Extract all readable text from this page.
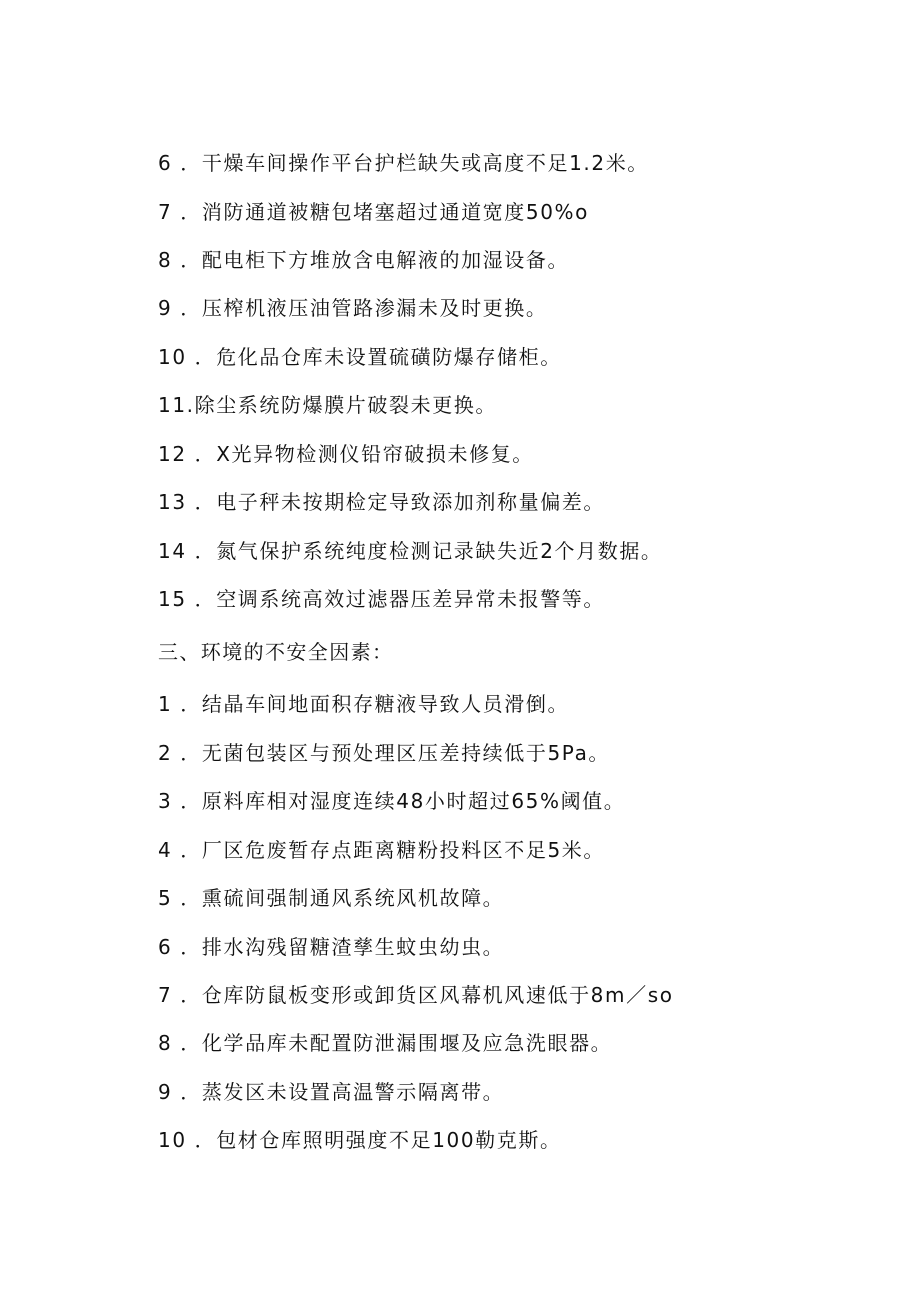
6 ．干燥车间操作平台护栏缺失或高度不足1.2米。
7 ．消防通道被糖包堵塞超过通道宽度50%o
8 ．配电柜下方堆放含电解液的加湿设备。
9 ．压榨机液压油管路渗漏未及时更换。
10 ．危化品仓库未设置硫磺防爆存储柜。
11.除尘系统防爆膜片破裂未更换。
12 ．X光异物检测仪铅帘破损未修复。
13 ．电子秤未按期检定导致添加剂称量偏差。
14 ．氮气保护系统纯度检测记录缺失近2个月数据。
15 ．空调系统高效过滤器压差异常未报警等。
三、环境的不安全因素：
1 ．结晶车间地面积存糖液导致人员滑倒。
2 ．无菌包装区与预处理区压差持续低于5Pa。
3 ．原料库相对湿度连续48小时超过65%阈值。
4 ．厂区危废暂存点距离糖粉投料区不足5米。
5 ．熏硫间强制通风系统风机故障。
6 ．排水沟残留糖渣孳生蚊虫幼虫。
7 ．仓库防鼠板变形或卸货区风幕机风速低于8m／so
8 ．化学品库未配置防泄漏围堰及应急洗眼器。
9 ．蒸发区未设置高温警示隔离带。
10 ．包材仓库照明强度不足100勒克斯。
